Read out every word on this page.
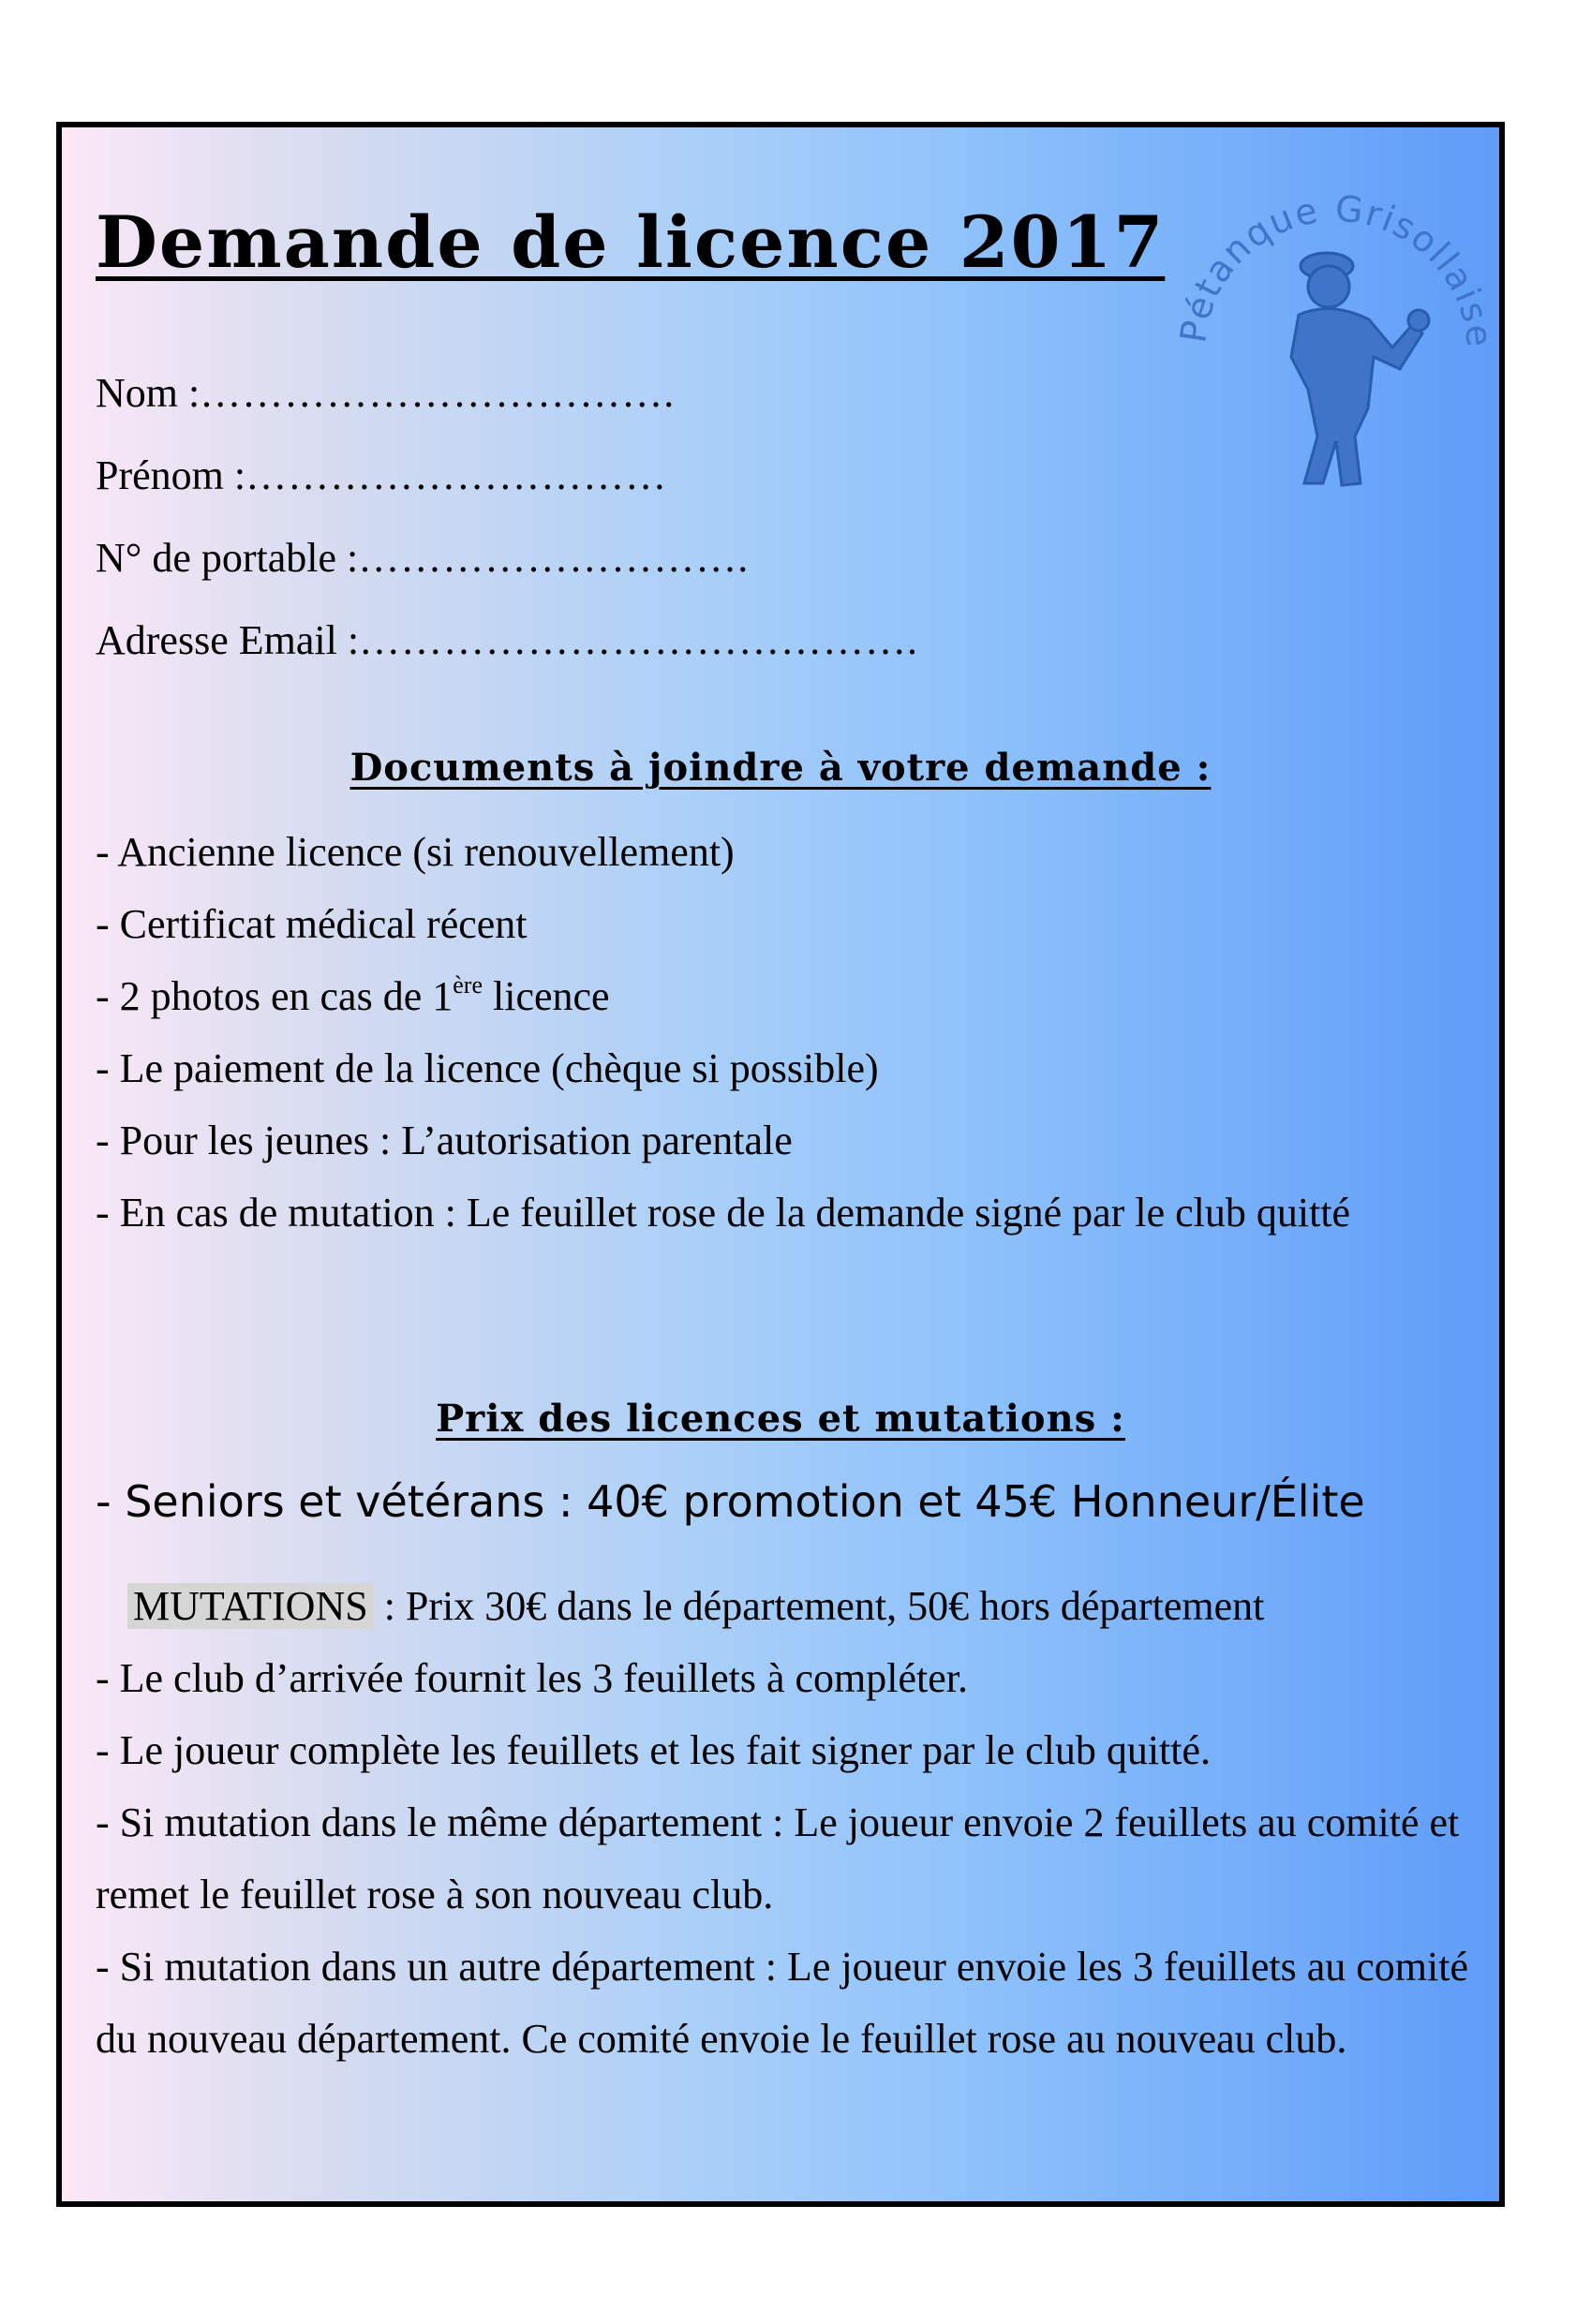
Demande de licence 2017
Pétanque Grisollaise
Nom :…………………………….
Prénom :…………………………
N° de portable :……………………….
Adresse Email :………………………………….
Documents à joindre à votre demande :
- Ancienne licence (si renouvellement)
- Certificat médical récent
- 2 photos en cas de 1ère licence
- Le paiement de la licence (chèque si possible)
- Pour les jeunes : L’autorisation parentale
- En cas de mutation : Le feuillet rose de la demande signé par le club quitté
Prix des licences et mutations :
- Seniors et vétérans : 40€ promotion et 45€ Honneur/Élite
MUTATIONS : Prix 30€ dans le département, 50€ hors département
- Le club d’arrivée fournit les 3 feuillets à compléter.
- Le joueur complète les feuillets et les fait signer par le club quitté.
- Si mutation dans le même département : Le joueur envoie 2 feuillets au comité et remet le feuillet rose à son nouveau club.
- Si mutation dans un autre département : Le joueur envoie les 3 feuillets au comité du nouveau département. Ce comité envoie le feuillet rose au nouveau club.
